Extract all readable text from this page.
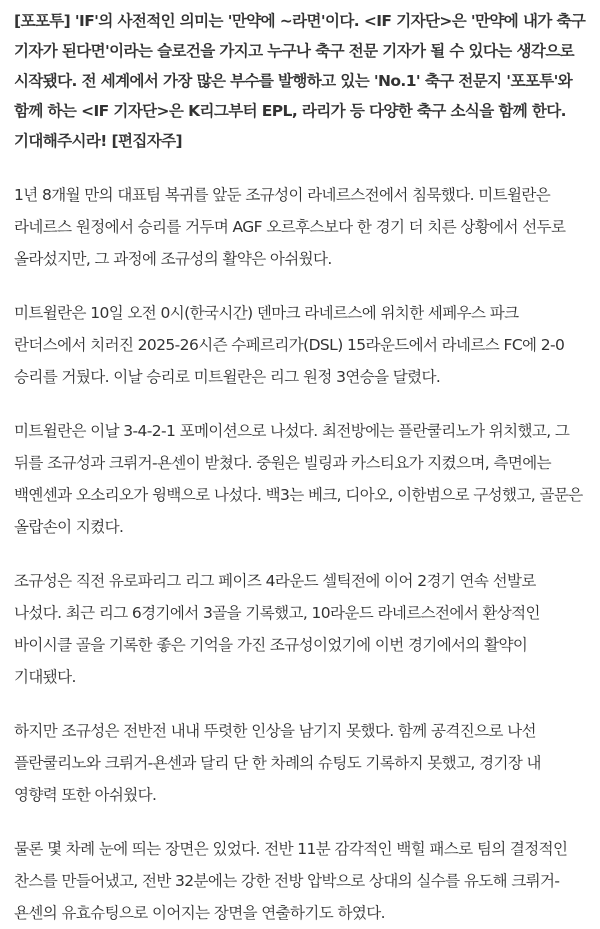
[포포투] 'IF'의 사전적인 의미는 '만약에 ~라면'이다. <IF 기자단>은 '만약에 내가 축구 기자가 된다면'이라는 슬로건을 가지고 누구나 축구 전문 기자가 될 수 있다는 생각으로 시작됐다. 전 세계에서 가장 많은 부수를 발행하고 있는 'No.1' 축구 전문지 '포포투'와 함께 하는 <IF 기자단>은 K리그부터 EPL, 라리가 등 다양한 축구 소식을 함께 한다. 기대해주시라! [편집자주]

1년 8개월 만의 대표팀 복귀를 앞둔 조규성이 라네르스전에서 침묵했다. 미트윌란은 라네르스 원정에서 승리를 거두며 AGF 오르후스보다 한 경기 더 치른 상황에서 선두로 올라섰지만, 그 과정에 조규성의 활약은 아쉬웠다.

미트윌란은 10일 오전 0시(한국시간) 덴마크 라네르스에 위치한 세페우스 파크 란더스에서 치러진 2025-26시즌 수페르리가(DSL) 15라운드에서 라네르스 FC에 2-0 승리를 거뒀다. 이날 승리로 미트윌란은 리그 원정 3연승을 달렸다.

미트윌란은 이날 3-4-2-1 포메이션으로 나섰다. 최전방에는 플란쿨리노가 위치했고, 그 뒤를 조규성과 크뤼거-욘센이 받쳤다. 중원은 빌링과 카스티요가 지켰으며, 측면에는 백옌센과 오소리오가 윙백으로 나섰다. 백3는 베크, 디아오, 이한범으로 구성했고, 골문은 올랍손이 지켰다.

조규성은 직전 유로파리그 리그 페이즈 4라운드 셀틱전에 이어 2경기 연속 선발로 나섰다. 최근 리그 6경기에서 3골을 기록했고, 10라운드 라네르스전에서 환상적인 바이시클 골을 기록한 좋은 기억을 가진 조규성이었기에 이번 경기에서의 활약이 기대됐다.

하지만 조규성은 전반전 내내 뚜렷한 인상을 남기지 못했다. 함께 공격진으로 나선 플란쿨리노와 크뤼거-욘센과 달리 단 한 차례의 슈팅도 기록하지 못했고, 경기장 내 영향력 또한 아쉬웠다.

물론 몇 차례 눈에 띄는 장면은 있었다. 전반 11분 감각적인 백힐 패스로 팀의 결정적인 찬스를 만들어냈고, 전반 32분에는 강한 전방 압박으로 상대의 실수를 유도해 크뤼거-욘센의 유효슈팅으로 이어지는 장면을 연출하기도 하였다.
